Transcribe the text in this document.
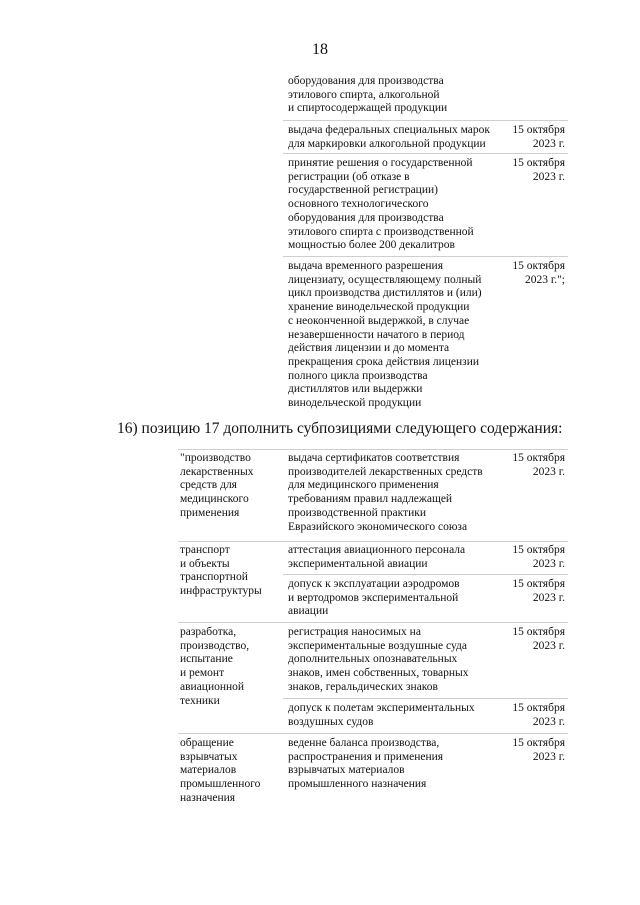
18
оборудования для производства
этилового спирта, алкогольной
и спиртосодержащей продукции
выдача федеральных специальных марок
для маркировки алкогольной продукции
15 октября
2023 г.
принятие решения о государственной
регистрации (об отказе в
государственной регистрации)
основного технологического
оборудования для производства
этилового спирта с производственной
мощностью более 200 декалитров
15 октября
2023 г.
выдача временного разрешения
лицензиату, осуществляющему полный
цикл производства дистиллятов и (или)
хранение винодельческой продукции
с неоконченной выдержкой, в случае
незавершенности начатого в период
действия лицензии и до момента
прекращения срока действия лицензии
полного цикла производства
дистиллятов или выдержки
винодельческой продукции
15 октября
2023 г.";
16) позицию 17 дополнить субпозициями следующего содержания:
"производство
лекарственных
средств для
медицинского
применения
выдача сертификатов соответствия
производителей лекарственных средств
для медицинского применения
требованиям правил надлежащей
производственной практики
Евразийского экономического союза
15 октября
2023 г.
транспорт
и объекты
транспортной
инфраструктуры
аттестация авиационного персонала
экспериментальной авиации
15 октября
2023 г.
допуск к эксплуатации аэродромов
и вертодромов экспериментальной
авиации
15 октября
2023 г.
разработка,
производство,
испытание
и ремонт
авиационной
техники
регистрация наносимых на
экспериментальные воздушные суда
дополнительных опознавательных
знаков, имен собственных, товарных
знаков, геральдических знаков
15 октября
2023 г.
допуск к полетам экспериментальных
воздушных судов
15 октября
2023 г.
обращение
взрывчатых
материалов
промышленного
назначения
веденне баланса производства,
распространения и применения
взрывчатых материалов
промышленного назначения
15 октября
2023 г.
